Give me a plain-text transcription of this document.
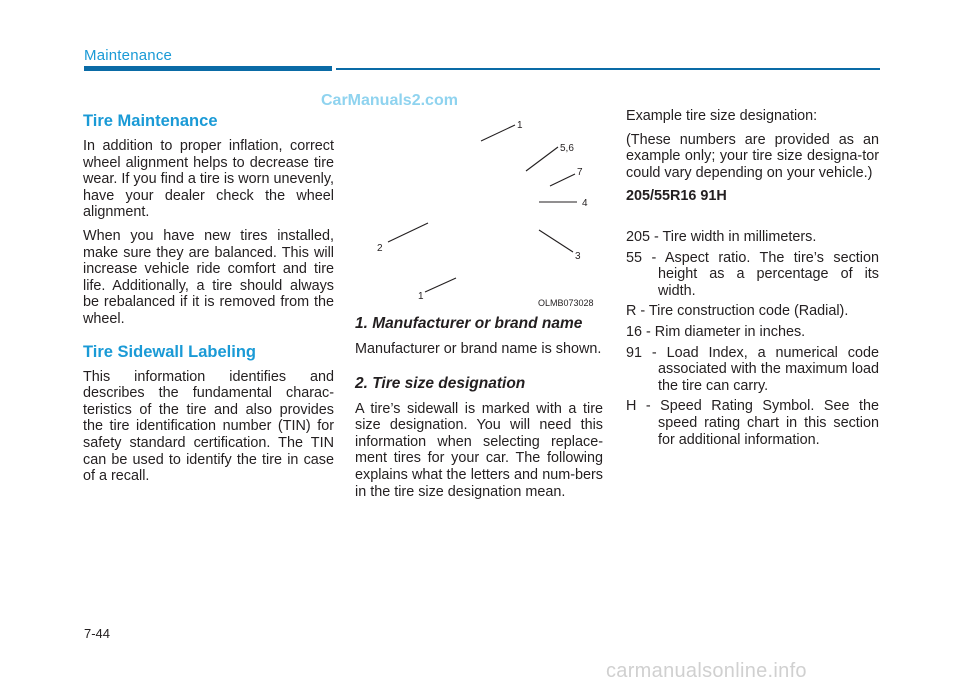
Maintenance
CarManuals2.com
Tire Maintenance

In addition to proper inflation, correct wheel alignment helps to decrease tire wear. If you find a tire is worn unevenly, have your dealer check the wheel alignment.

When you have new tires installed, make sure they are balanced. This will increase vehicle ride comfort and tire life. Additionally, a tire should always be rebalanced if it is removed from the wheel.

Tire Sidewall Labeling

This information identifies and describes the fundamental charac-teristics of the tire and also provides the tire identification number (TIN) for safety standard certification. The TIN can be used to identify the tire in case of a recall.

1
5,6
7
4
2
3
1
OLMB073028
1. Manufacturer or brand name

Manufacturer or brand name is shown.

2. Tire size designation

A tire’s sidewall is marked with a tire size designation. You will need this information when selecting replace-ment tires for your car. The following explains what the letters and num-bers in the tire size designation mean.

Example tire size designation:

(These numbers are provided as an example only; your tire size designa-tor could vary depending on your vehicle.)

205/55R16 91H

205 - Tire width in millimeters.
55 - Aspect ratio. The tire’s section height as a percentage of its width.
R - Tire construction code (Radial).
16 - Rim diameter in inches.
91 - Load Index, a numerical code associated with the maximum load the tire can carry.
H - Speed Rating Symbol. See the speed rating chart in this section for additional information.
7-44
carmanualsonline.info
